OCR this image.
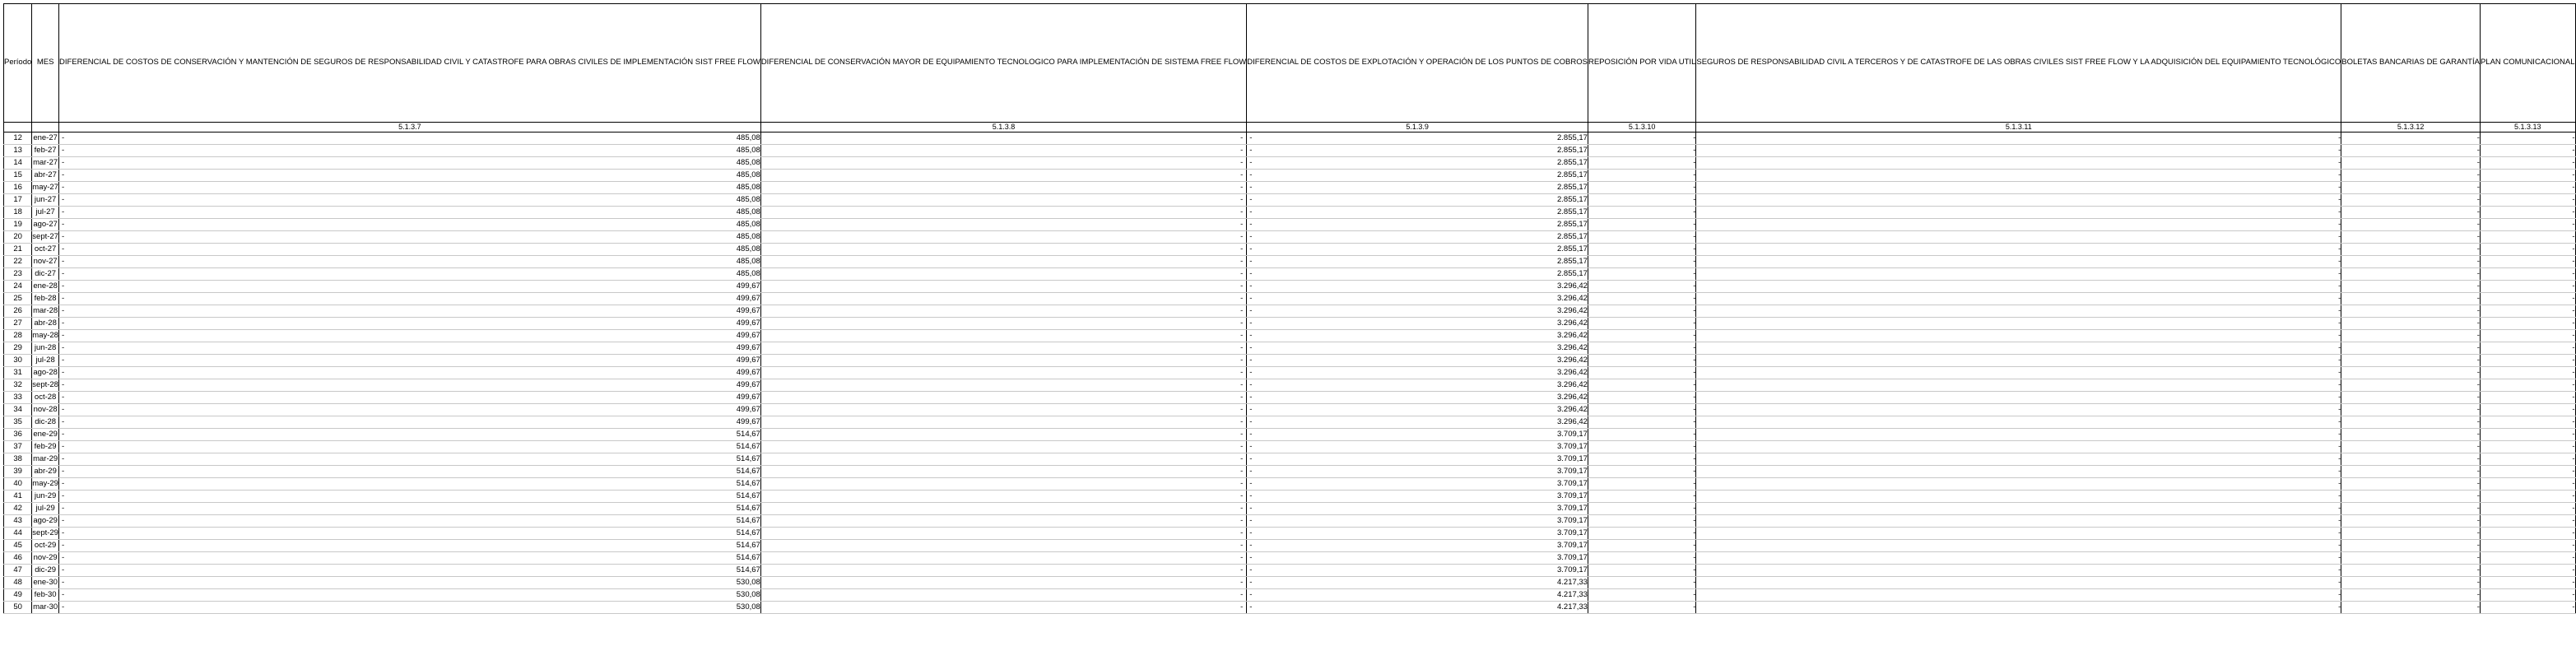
Período	MES	DIFERENCIAL DE COSTOS DE CONSERVACIÓN Y MANTENCIÓN DE SEGUROS DE RESPONSABILIDAD CIVIL Y CATASTROFE PARA OBRAS CIVILES DE IMPLEMENTACIÓN SIST FREE FLOW	DIFERENCIAL DE CONSERVACIÓN MAYOR DE EQUIPAMIENTO TECNOLOGICO PARA IMPLEMENTACIÓN DE SISTEMA FREE FLOW	DIFERENCIAL DE COSTOS DE EXPLOTACIÓN Y OPERACIÓN DE LOS PUNTOS DE COBROS	REPOSICIÓN POR VIDA UTIL	SEGUROS DE RESPONSABILIDAD CIVIL A TERCEROS Y DE CATASTROFE DE LAS OBRAS CIVILES SIST FREE FLOW Y LA ADQUISICIÓN DEL EQUIPAMIENTO TECNOLÓGICO	BOLETAS BANCARIAS DE GARANTÍA	PLAN COMUNICACIONAL
		5.1.3.7	5.1.3.8	5.1.3.9	5.1.3.10	5.1.3.11	5.1.3.12	5.1.3.13
12	ene-27	- 485,08	-	- 2.855,17	-	-	-	-
13	feb-27	- 485,08	-	- 2.855,17	-	-	-	-
14	mar-27	- 485,08	-	- 2.855,17	-	-	-	-
15	abr-27	- 485,08	-	- 2.855,17	-	-	-	-
16	may-27	- 485,08	-	- 2.855,17	-	-	-	-
17	jun-27	- 485,08	-	- 2.855,17	-	-	-	-
18	jul-27	- 485,08	-	- 2.855,17	-	-	-	-
19	ago-27	- 485,08	-	- 2.855,17	-	-	-	-
20	sept-27	- 485,08	-	- 2.855,17	-	-	-	-
21	oct-27	- 485,08	-	- 2.855,17	-	-	-	-
22	nov-27	- 485,08	-	- 2.855,17	-	-	-	-
23	dic-27	- 485,08	-	- 2.855,17	-	-	-	-
24	ene-28	- 499,67	-	- 3.296,42	-	-	-	-
25	feb-28	- 499,67	-	- 3.296,42	-	-	-	-
26	mar-28	- 499,67	-	- 3.296,42	-	-	-	-
27	abr-28	- 499,67	-	- 3.296,42	-	-	-	-
28	may-28	- 499,67	-	- 3.296,42	-	-	-	-
29	jun-28	- 499,67	-	- 3.296,42	-	-	-	-
30	jul-28	- 499,67	-	- 3.296,42	-	-	-	-
31	ago-28	- 499,67	-	- 3.296,42	-	-	-	-
32	sept-28	- 499,67	-	- 3.296,42	-	-	-	-
33	oct-28	- 499,67	-	- 3.296,42	-	-	-	-
34	nov-28	- 499,67	-	- 3.296,42	-	-	-	-
35	dic-28	- 499,67	-	- 3.296,42	-	-	-	-
36	ene-29	- 514,67	-	- 3.709,17	-	-	-	-
37	feb-29	- 514,67	-	- 3.709,17	-	-	-	-
38	mar-29	- 514,67	-	- 3.709,17	-	-	-	-
39	abr-29	- 514,67	-	- 3.709,17	-	-	-	-
40	may-29	- 514,67	-	- 3.709,17	-	-	-	-
41	jun-29	- 514,67	-	- 3.709,17	-	-	-	-
42	jul-29	- 514,67	-	- 3.709,17	-	-	-	-
43	ago-29	- 514,67	-	- 3.709,17	-	-	-	-
44	sept-29	- 514,67	-	- 3.709,17	-	-	-	-
45	oct-29	- 514,67	-	- 3.709,17	-	-	-	-
46	nov-29	- 514,67	-	- 3.709,17	-	-	-	-
47	dic-29	- 514,67	-	- 3.709,17	-	-	-	-
48	ene-30	- 530,08	-	- 4.217,33	-	-	-	-
49	feb-30	- 530,08	-	- 4.217,33	-	-	-	-
50	mar-30	- 530,08	-	- 4.217,33	-	-	-	-
